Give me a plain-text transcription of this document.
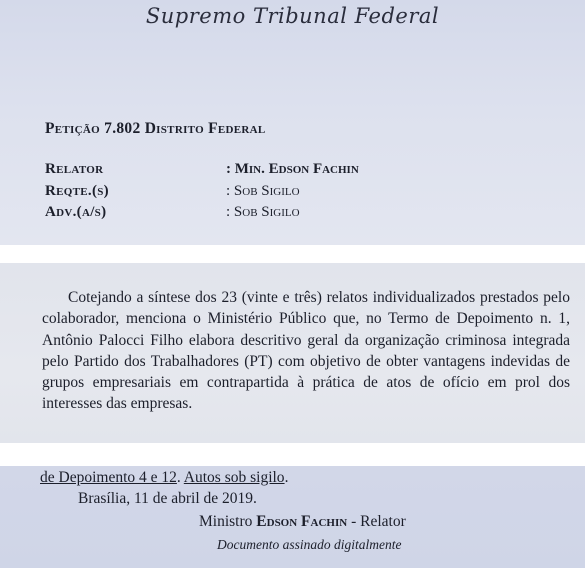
Supremo Tribunal Federal
Petição 7.802 Distrito Federal
Relator	: Min. Edson Fachin
Reqte.(s)	: Sob Sigilo
Adv.(a/s)	: Sob Sigilo

Cotejando a síntese dos 23 (vinte e três) relatos individualizados prestados pelo colaborador, menciona o Ministério Público que, no Termo de Depoimento n. 1, Antônio Palocci Filho elabora descritivo geral da organização criminosa integrada pelo Partido dos Trabalhadores (PT) com objetivo de obter vantagens indevidas de grupos empresariais em contrapartida à prática de atos de ofício em prol dos interesses das empresas.

de Depoimento 4 e 12. Autos sob sigilo.
Brasília, 11 de abril de 2019.
Ministro Edson Fachin - Relator
Documento assinado digitalmente
